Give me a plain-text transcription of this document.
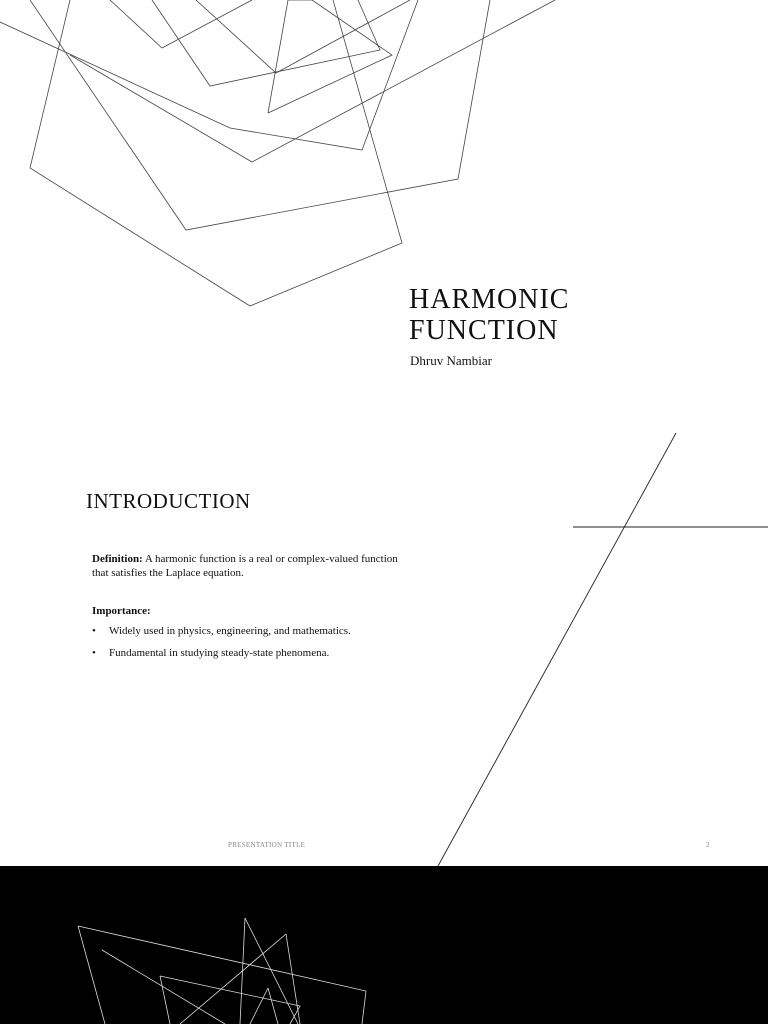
HARMONIC
FUNCTION
Dhruv Nambiar
INTRODUCTION

Definition: A harmonic function is a real or complex-valued function that satisfies the Laplace equation.

Importance:

• Widely used in physics, engineering, and mathematics.
• Fundamental in studying steady-state phenomena.
PRESENTATION TITLE	2
